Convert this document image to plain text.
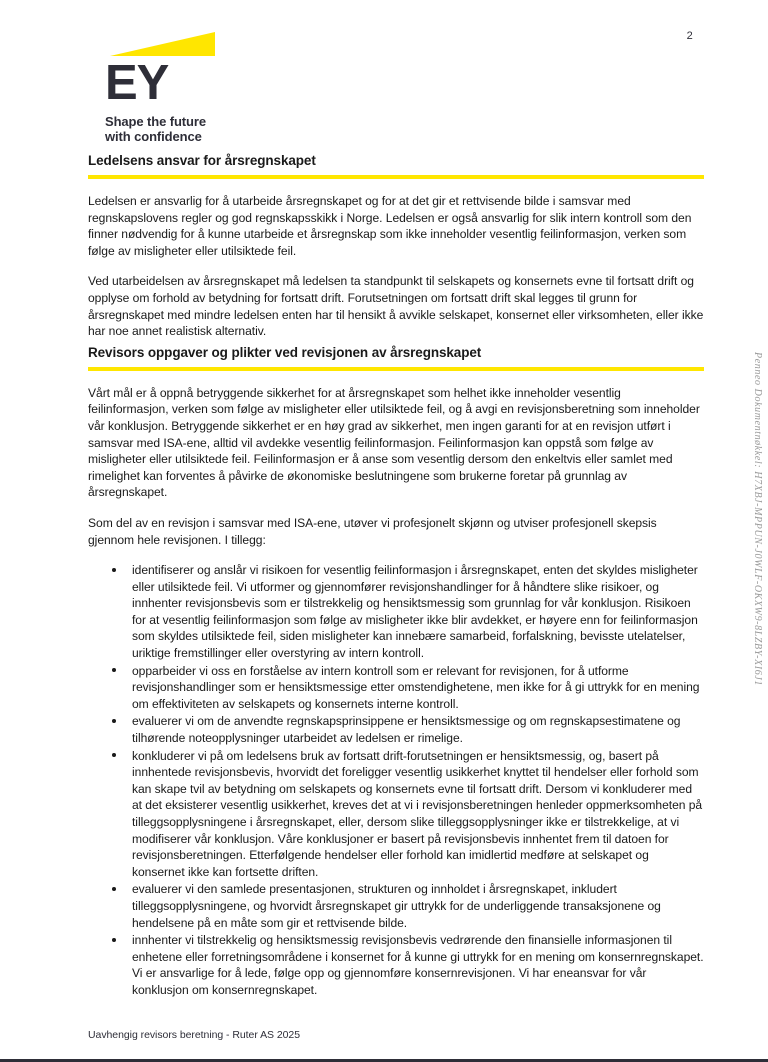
2
EY
Shape the future
with confidence
Ledelsens ansvar for årsregnskapet

Ledelsen er ansvarlig for å utarbeide årsregnskapet og for at det gir et rettvisende bilde i samsvar med regnskapslovens regler og god regnskapsskikk i Norge. Ledelsen er også ansvarlig for slik intern kontroll som den finner nødvendig for å kunne utarbeide et årsregnskap som ikke inneholder vesentlig feilinformasjon, verken som følge av misligheter eller utilsiktede feil.

Ved utarbeidelsen av årsregnskapet må ledelsen ta standpunkt til selskapets og konsernets evne til fortsatt drift og opplyse om forhold av betydning for fortsatt drift. Forutsetningen om fortsatt drift skal legges til grunn for årsregnskapet med mindre ledelsen enten har til hensikt å avvikle selskapet, konsernet eller virksomheten, eller ikke har noe annet realistisk alternativ.

Revisors oppgaver og plikter ved revisjonen av årsregnskapet

Vårt mål er å oppnå betryggende sikkerhet for at årsregnskapet som helhet ikke inneholder vesentlig feilinformasjon, verken som følge av misligheter eller utilsiktede feil, og å avgi en revisjonsberetning som inneholder vår konklusjon. Betryggende sikkerhet er en høy grad av sikkerhet, men ingen garanti for at en revisjon utført i samsvar med ISA-ene, alltid vil avdekke vesentlig feilinformasjon. Feilinformasjon kan oppstå som følge av misligheter eller utilsiktede feil. Feilinformasjon er å anse som vesentlig dersom den enkeltvis eller samlet med rimelighet kan forventes å påvirke de økonomiske beslutningene som brukerne foretar på grunnlag av årsregnskapet.

Som del av en revisjon i samsvar med ISA-ene, utøver vi profesjonelt skjønn og utviser profesjonell skepsis gjennom hele revisjonen. I tillegg:

identifiserer og anslår vi risikoen for vesentlig feilinformasjon i årsregnskapet, enten det skyldes misligheter eller utilsiktede feil. Vi utformer og gjennomfører revisjonshandlinger for å håndtere slike risikoer, og innhenter revisjonsbevis som er tilstrekkelig og hensiktsmessig som grunnlag for vår konklusjon. Risikoen for at vesentlig feilinformasjon som følge av misligheter ikke blir avdekket, er høyere enn for feilinformasjon som skyldes utilsiktede feil, siden misligheter kan innebære samarbeid, forfalskning, bevisste utelatelser, uriktige fremstillinger eller overstyring av intern kontroll.
opparbeider vi oss en forståelse av intern kontroll som er relevant for revisjonen, for å utforme revisjonshandlinger som er hensiktsmessige etter omstendighetene, men ikke for å gi uttrykk for en mening om effektiviteten av selskapets og konsernets interne kontroll.
evaluerer vi om de anvendte regnskapsprinsippene er hensiktsmessige og om regnskapsestimatene og tilhørende noteopplysninger utarbeidet av ledelsen er rimelige.
konkluderer vi på om ledelsens bruk av fortsatt drift-forutsetningen er hensiktsmessig, og, basert på innhentede revisjonsbevis, hvorvidt det foreligger vesentlig usikkerhet knyttet til hendelser eller forhold som kan skape tvil av betydning om selskapets og konsernets evne til fortsatt drift. Dersom vi konkluderer med at det eksisterer vesentlig usikkerhet, kreves det at vi i revisjonsberetningen henleder oppmerksomheten på tilleggsopplysningene i årsregnskapet, eller, dersom slike tilleggsopplysninger ikke er tilstrekkelige, at vi modifiserer vår konklusjon. Våre konklusjoner er basert på revisjonsbevis innhentet frem til datoen for revisjonsberetningen. Etterfølgende hendelser eller forhold kan imidlertid medføre at selskapet og konsernet ikke kan fortsette driften.
evaluerer vi den samlede presentasjonen, strukturen og innholdet i årsregnskapet, inkludert tilleggsopplysningene, og hvorvidt årsregnskapet gir uttrykk for de underliggende transaksjonene og hendelsene på en måte som gir et rettvisende bilde.
innhenter vi tilstrekkelig og hensiktsmessig revisjonsbevis vedrørende den finansielle informasjonen til enhetene eller forretningsområdene i konsernet for å kunne gi uttrykk for en mening om konsernregnskapet. Vi er ansvarlige for å lede, følge opp og gjennomføre konsernrevisjonen. Vi har eneansvar for vår konklusjon om konsernregnskapet.
Penneo Dokumentnøkkel: H7XBJ-MPPUN-J0WLF-OKXW9-8LZBY-XI6J1
Uavhengig revisors beretning - Ruter AS 2025
